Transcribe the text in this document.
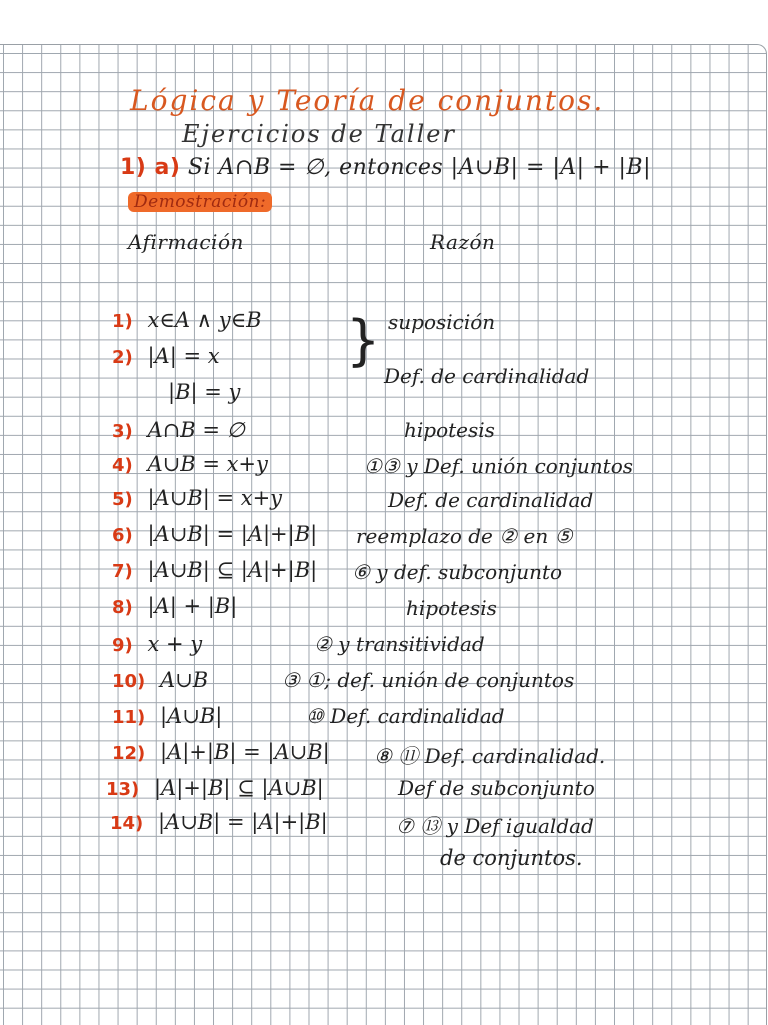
Lógica y Teoría de conjuntos.
Ejercicios de Taller
1) a) Si A∩B = ∅, entonces |A∪B| = |A| + |B|
Demostración:
Afirmación	Razón
1) x∈A ∧ y∈B	suposición
2) |A| = x
|B| = y
}
Def. de cardinalidad
3) A∩B = ∅	hipotesis
4) A∪B = x+y	①③ y Def. unión conjuntos
5) |A∪B| = x+y	Def. de cardinalidad
6) |A∪B| = |A|+|B| reemplazo de ② en ⑤
7) |A∪B| ⊆ |A|+|B| ⑥ y def. subconjunto
8) |A| + |B|	hipotesis
9) x + y	② y transitividad
10) A∪B	③ ①; def. unión de conjuntos
11) |A∪B|	⑩ Def. cardinalidad
12) |A|+|B| = |A∪B| ⑧ ⑪ Def. cardinalidad.
13) |A|+|B| ⊆ |A∪B|	Def de subconjunto
14) |A∪B| = |A|+|B|	⑦ ⑬ y Def igualdad
de conjuntos.
